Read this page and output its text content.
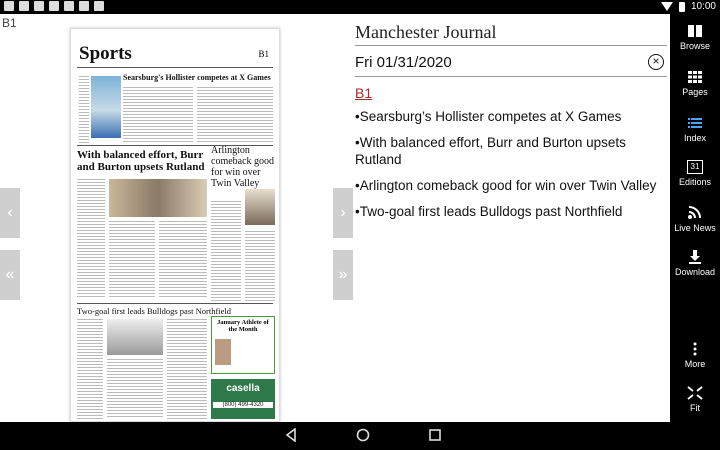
10:00
B1
Sports	B1
Searsburg's Hollister competes at X Games
With balanced effort, Burr and Burton upsets Rutland
Arlington comeback good for win over Twin Valley
Two-goal first leads Bulldogs past Northfield
January Athlete of the Month
casella
(800) 499-4320
‹
«
›
»
Manchester Journal
Fri 01/31/2020	×
B1
•Searsburg’s Hollister competes at X Games
•With balanced effort, Burr and Burton upsets Rutland
•Arlington comeback good for win over Twin Valley
•Two-goal first leads Bulldogs past Northfield
Browse
Pages
Index
31
Editions
Live News
Download
More
Fit
